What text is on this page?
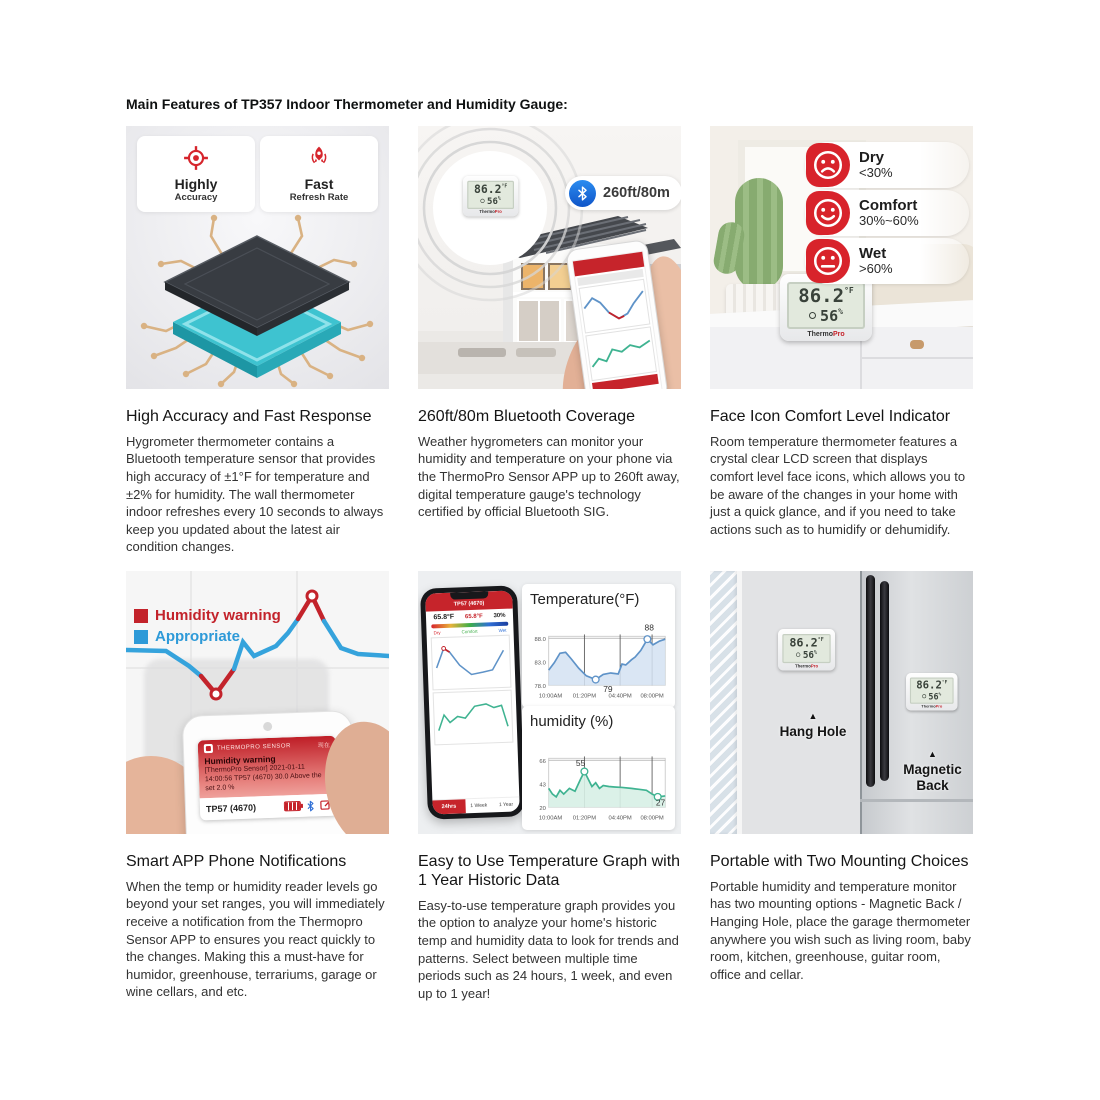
Main Features of TP357 Indoor Thermometer and Humidity Gauge:
Highly
Accuracy
Fast
Refresh Rate
High Accuracy and Fast Response

Hygrometer thermometer contains a Bluetooth temperature sensor that provides high accuracy of ±1°F for temperature and ±2% for humidity. The wall thermometer indoor refreshes every 10 seconds to always keep you updated about the latest air condition changes.

$86.2^{^\circ F}$
56%
ThermoPro
260ft/80m
260ft/80m Bluetooth Coverage

Weather hygrometers can monitor your humidity and temperature on your phone via the ThermoPro Sensor APP up to 260ft away, digital temperature gauge's technology certified by official Bluetooth SIG.

$86.2^{^\circ F}$
56%
ThermoPro
Dry
<30%
Comfort
30%~60%
Wet
>60%
Face Icon Comfort Level Indicator

Room temperature thermometer features a crystal clear LCD screen that displays comfort level face icons, which allows you to be aware of the changes in your home with just a quick glance, and if you need to take actions such as to humidify or dehumidify.

Humidity warning
Appropriate
THERMOPRO SENSOR	现在
Humidity warning
[ThermoPro Sensor] 2021-01-11 14:00:56 TP57 (4670) 30.0 Above the set 2.0 %
TP57 (4670)
Smart APP Phone Notifications

When the temp or humidity reader levels go beyond your set ranges, you will immediately receive a notification from the Thermopro Sensor APP to ensures you react quickly to the changes. Making this a must-have for humidor, greenhouse, terrariums, garage or wine cellars, and etc.

TP57 (4670)
65.8°F 65.8°F 30%
Dry	Comfort	Wet
24hrs	1 Week	1 Year
Temperature(°F)
79
88
88.0
83.0
78.0
10:00AM 01:20PM 04:40PM 08:00PM
humidity (%)
55
27
66
43
20
10:00AM 01:20PM 04:40PM 08:00PM
Easy to Use Temperature Graph with 1 Year Historic Data

Easy-to-use temperature graph provides you the option to analyze your home's historic temp and humidity data to look for trends and patterns. Select between multiple time periods such as 24 hours, 1 week, and even up to 1 year!

$86.2^{^\circ F}$
56%
ThermoPro
▲
Hang Hole
$86.2^{^\circ F}$
56%
ThermoPro
▲
Magnetic Back
Portable with Two Mounting Choices

Portable humidity and temperature monitor has two mounting options - Magnetic Back / Hanging Hole, place the garage thermometer anywhere you wish such as living room, baby room, kitchen, greenhouse, guitar room, office and cellar.
